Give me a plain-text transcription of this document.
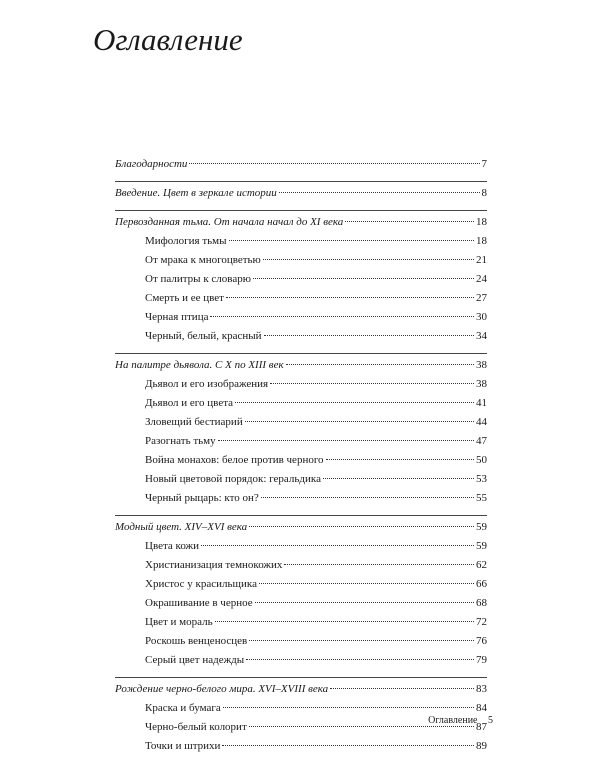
Оглавление
Благодарности	7
Введение. Цвет в зеркале истории	8
Первозданная тьма. От начала начал до XI века	18
Мифология тьмы	18
От мрака к многоцветью	21
От палитры к словарю	24
Смерть и ее цвет	27
Черная птица	30
Черный, белый, красный	34
На палитре дьявола. С X по XIII век	38
Дьявол и его изображения	38
Дьявол и его цвета	41
Зловещий бестиарий	44
Разогнать тьму	47
Война монахов: белое против черного	50
Новый цветовой порядок: геральдика	53
Черный рыцарь: кто он?	55
Модный цвет. XIV–XVI века	59
Цвета кожи	59
Христианизация темнокожих	62
Христос у красильщика	66
Окрашивание в черное	68
Цвет и мораль	72
Роскошь венценосцев	76
Серый цвет надежды	79
Рождение черно-белого мира. XVI–XVIII века	83
Краска и бумага	84
Черно-белый колорит	87
Точки и штрихи	89
Оглавление 5
